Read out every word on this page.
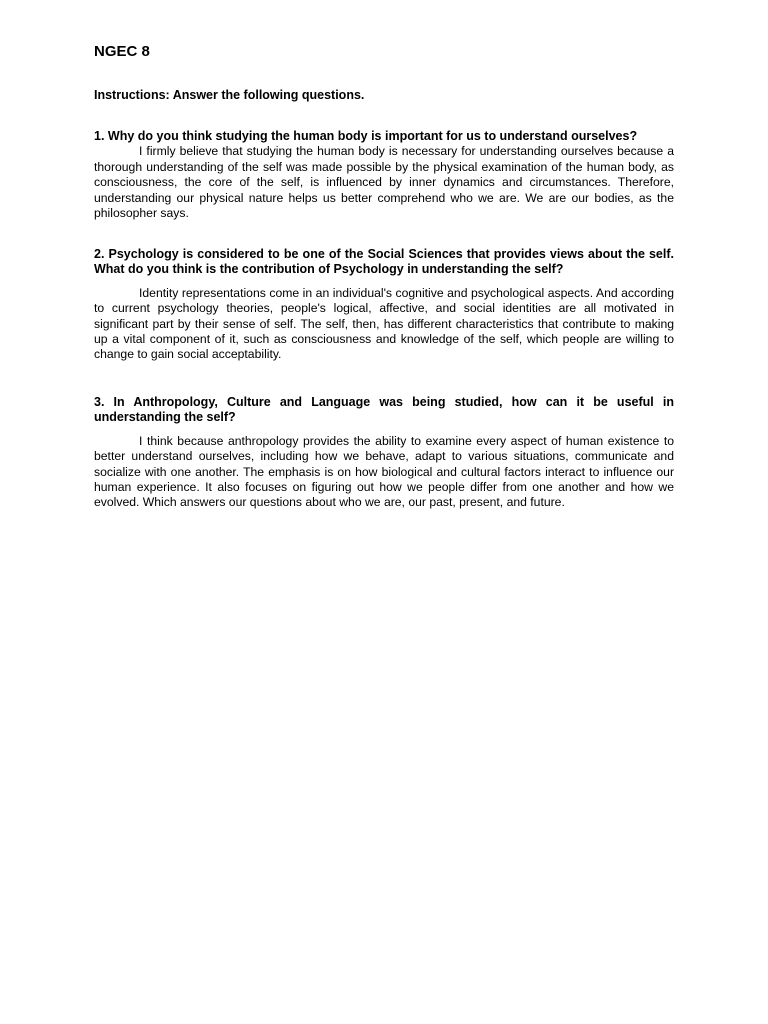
NGEC 8

Instructions: Answer the following questions.

1. Why do you think studying the human body is important for us to understand ourselves?

I firmly believe that studying the human body is necessary for understanding ourselves because a thorough understanding of the self was made possible by the physical examination of the human body, as consciousness, the core of the self, is influenced by inner dynamics and circumstances. Therefore, understanding our physical nature helps us better comprehend who we are. We are our bodies, as the philosopher says.

2. Psychology is considered to be one of the Social Sciences that provides views about the self. What do you think is the contribution of Psychology in understanding the self?

Identity representations come in an individual's cognitive and psychological aspects. And according to current psychology theories, people's logical, affective, and social identities are all motivated in significant part by their sense of self. The self, then, has different characteristics that contribute to making up a vital component of it, such as consciousness and knowledge of the self, which people are willing to change to gain social acceptability.

3. In Anthropology, Culture and Language was being studied, how can it be useful in understanding the self?

I think because anthropology provides the ability to examine every aspect of human existence to better understand ourselves, including how we behave, adapt to various situations, communicate and socialize with one another. The emphasis is on how biological and cultural factors interact to influence our human experience. It also focuses on figuring out how we people differ from one another and how we evolved. Which answers our questions about who we are, our past, present, and future.
